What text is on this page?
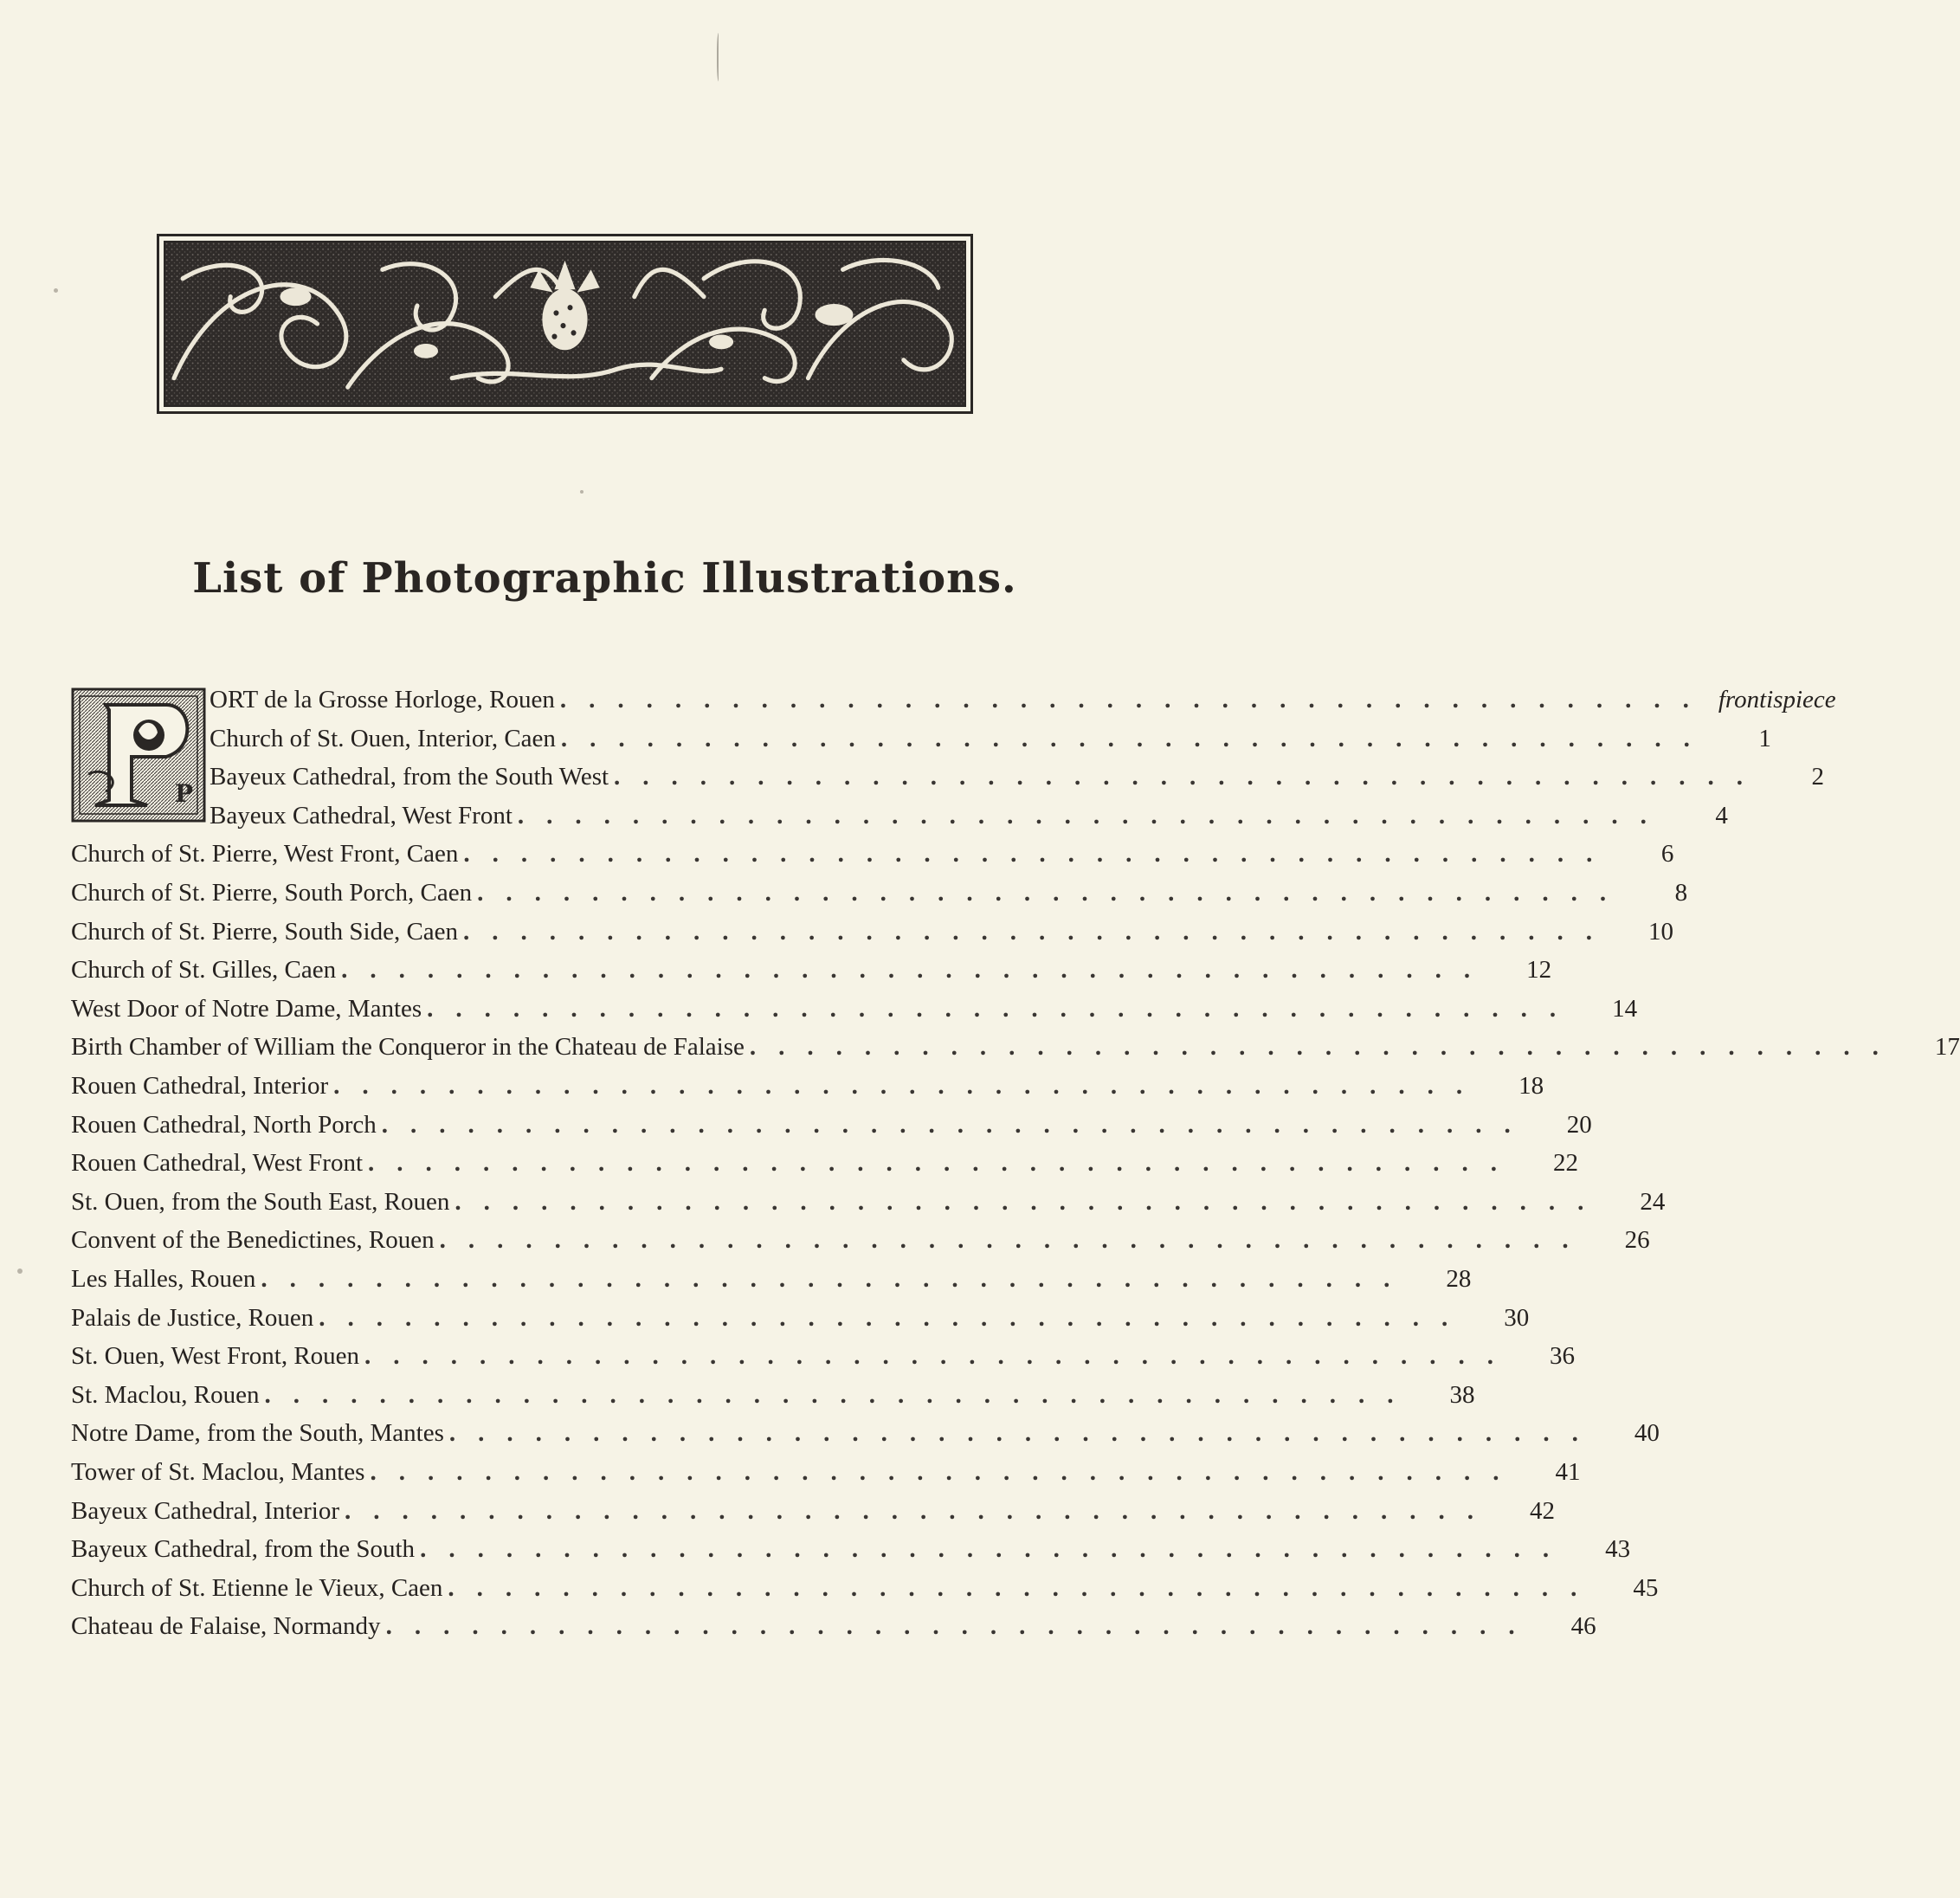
List of Photographic Illustrations.
P
ORT de la Grosse Horloge, Rouen ........................................ frontispiece
Church of St. Ouen, Interior, Caen ........................................	1
Bayeux Cathedral, from the South West ........................................	2
Bayeux Cathedral, West Front ........................................	4
Church of St. Pierre, West Front, Caen ........................................	6
Church of St. Pierre, South Porch, Caen ........................................	8
Church of St. Pierre, South Side, Caen ........................................	10
Church of St. Gilles, Caen ........................................	12
West Door of Notre Dame, Mantes ........................................	14
Birth Chamber of William the Conqueror in the Chateau de Falaise ........................................	17
Rouen Cathedral, Interior ........................................	18
Rouen Cathedral, North Porch ........................................	20
Rouen Cathedral, West Front ........................................	22
St. Ouen, from the South East, Rouen ........................................	24
Convent of the Benedictines, Rouen ........................................	26
Les Halles, Rouen ........................................	28
Palais de Justice, Rouen ........................................	30
St. Ouen, West Front, Rouen ........................................	36
St. Maclou, Rouen ........................................	38
Notre Dame, from the South, Mantes ........................................	40
Tower of St. Maclou, Mantes ........................................	41
Bayeux Cathedral, Interior ........................................	42
Bayeux Cathedral, from the South ........................................	43
Church of St. Etienne le Vieux, Caen ........................................	45
Chateau de Falaise, Normandy ........................................	46
